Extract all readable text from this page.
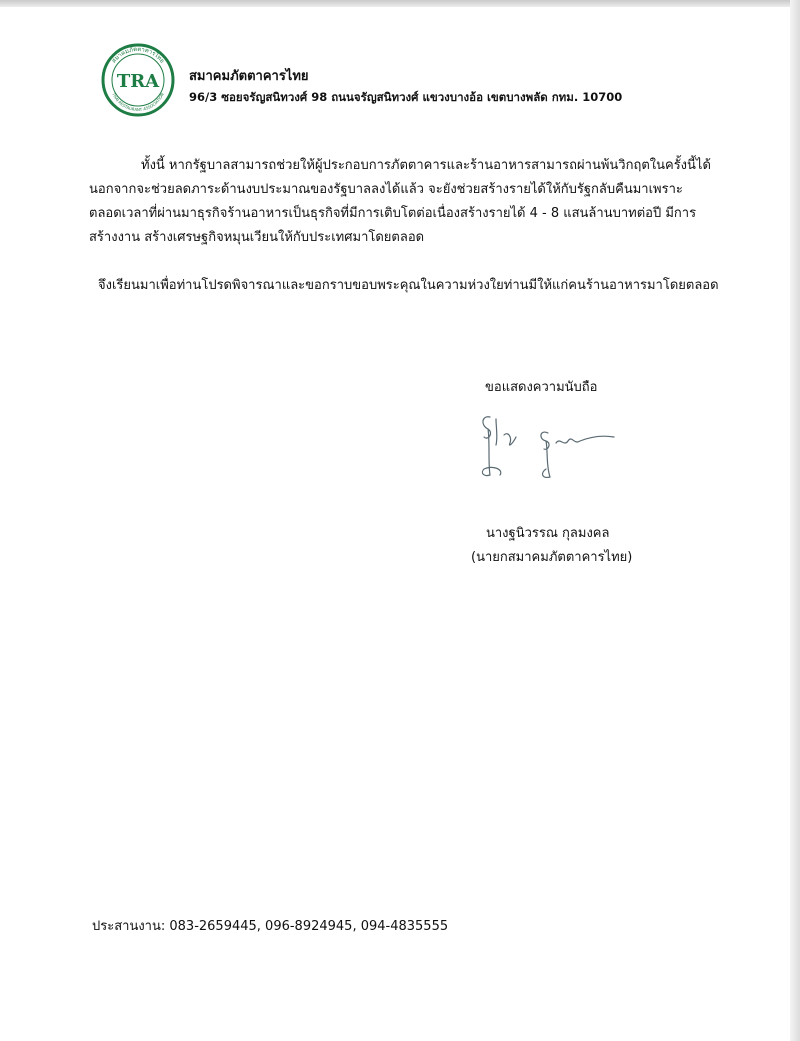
สมาคมภัตตาคารไทย
THAI RESTAURANT ASSOCIATION
TRA สมาคมภัตตาคารไทย
96/3 ซอยจรัญสนิทวงศ์ 98 ถนนจรัญสนิทวงศ์ แขวงบางอ้อ เขตบางพลัด กทม. 10700
ทั้งนี้ หากรัฐบาลสามารถช่วยให้ผู้ประกอบการภัตตาคารและร้านอาหารสามารถผ่านพ้นวิกฤตในครั้งนี้ได้
นอกจากจะช่วยลดภาระด้านงบประมาณของรัฐบาลลงได้แล้ว จะยังช่วยสร้างรายได้ให้กับรัฐกลับคืนมาเพราะ
ตลอดเวลาที่ผ่านมาธุรกิจร้านอาหารเป็นธุรกิจที่มีการเติบโตต่อเนื่องสร้างรายได้ 4 - 8 แสนล้านบาทต่อปี มีการ
สร้างงาน สร้างเศรษฐกิจหมุนเวียนให้กับประเทศมาโดยตลอด
จึงเรียนมาเพื่อท่านโปรดพิจารณาและขอกราบขอบพระคุณในความห่วงใยท่านมีให้แก่คนร้านอาหารมาโดยตลอด
ขอแสดงความนับถือ
นางฐนิวรรณ กุลมงคล
(นายกสมาคมภัตตาคารไทย)
ประสานงาน: 083-2659445, 096-8924945, 094-4835555
